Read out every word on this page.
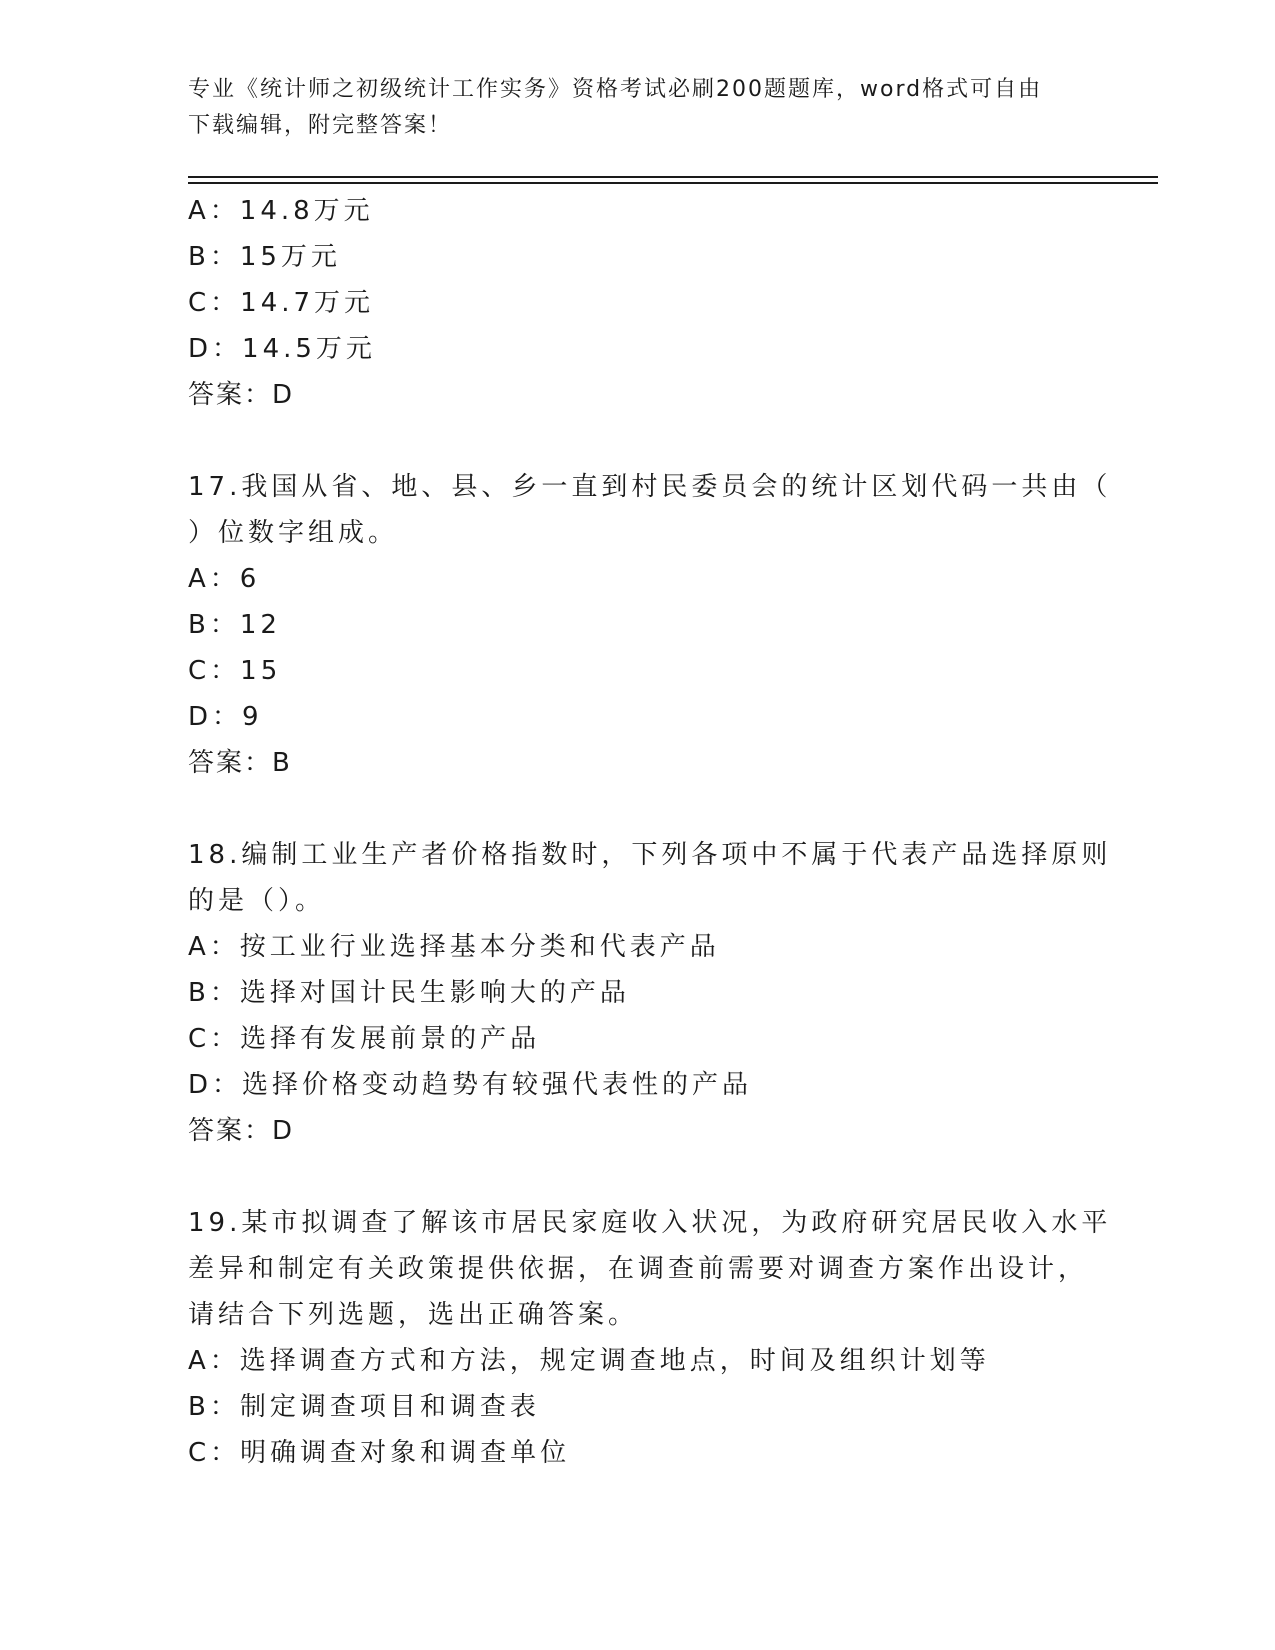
专业《统计师之初级统计工作实务》资格考试必刷200题题库，word格式可自由
下载编辑，附完整答案！
A：14.8万元
B：15万元
C：14.7万元
D：14.5万元
答案：D
17.我国从省、地、县、乡一直到村民委员会的统计区划代码一共由（
）位数字组成。
A：6
B：12
C：15
D：9
答案：B
18.编制工业生产者价格指数时，下列各项中不属于代表产品选择原则
的是（）。
A：按工业行业选择基本分类和代表产品
B：选择对国计民生影响大的产品
C：选择有发展前景的产品
D：选择价格变动趋势有较强代表性的产品
答案：D
19.某市拟调查了解该市居民家庭收入状况，为政府研究居民收入水平
差异和制定有关政策提供依据，在调查前需要对调查方案作出设计，
请结合下列选题，选出正确答案。
A：选择调查方式和方法，规定调查地点，时间及组织计划等
B：制定调查项目和调查表
C：明确调查对象和调查单位
